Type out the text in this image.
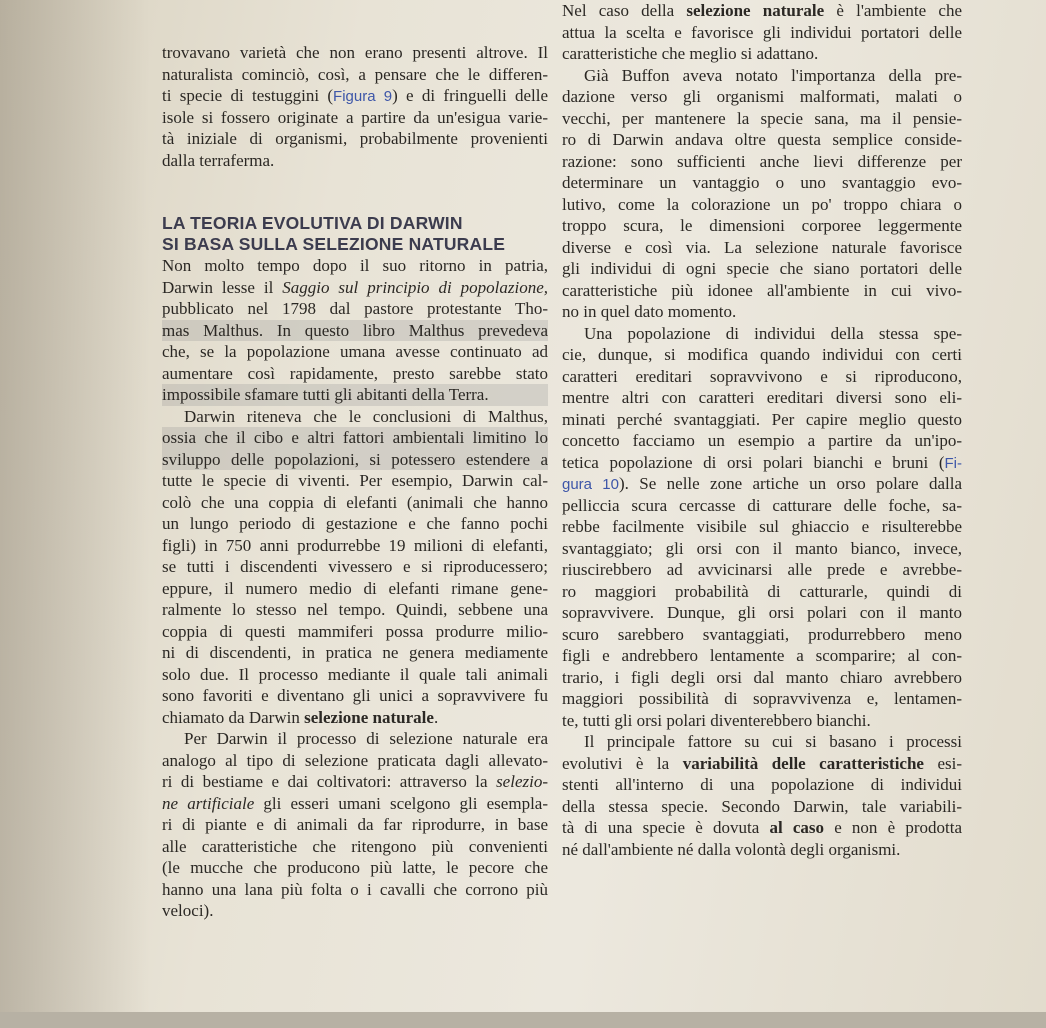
trovavano varietà che non erano presenti altrove. Il
naturalista cominciò, così, a pensare che le differen-
ti specie di testuggini (Figura 9) e di fringuelli delle
isole si fossero originate a partire da un'esigua varie-
tà iniziale di organismi, probabilmente provenienti
dalla terraferma.
LA TEORIA EVOLUTIVA DI DARWIN
SI BASA SULLA SELEZIONE NATURALE
Non molto tempo dopo il suo ritorno in patria,
Darwin lesse il Saggio sul principio di popolazione,
pubblicato nel 1798 dal pastore protestante Tho-
mas Malthus. In questo libro Malthus prevedeva
che, se la popolazione umana avesse continuato ad
aumentare così rapidamente, presto sarebbe stato
impossibile sfamare tutti gli abitanti della Terra.
Darwin riteneva che le conclusioni di Malthus,
ossia che il cibo e altri fattori ambientali limitino lo
sviluppo delle popolazioni, si potessero estendere a
tutte le specie di viventi. Per esempio, Darwin cal-
colò che una coppia di elefanti (animali che hanno
un lungo periodo di gestazione e che fanno pochi
figli) in 750 anni produrrebbe 19 milioni di elefanti,
se tutti i discendenti vivessero e si riproducessero;
eppure, il numero medio di elefanti rimane gene-
ralmente lo stesso nel tempo. Quindi, sebbene una
coppia di questi mammiferi possa produrre milio-
ni di discendenti, in pratica ne genera mediamente
solo due. Il processo mediante il quale tali animali
sono favoriti e diventano gli unici a sopravvivere fu
chiamato da Darwin selezione naturale.
Per Darwin il processo di selezione naturale era
analogo al tipo di selezione praticata dagli allevato-
ri di bestiame e dai coltivatori: attraverso la selezio-
ne artificiale gli esseri umani scelgono gli esempla-
ri di piante e di animali da far riprodurre, in base
alle caratteristiche che ritengono più convenienti
(le mucche che producono più latte, le pecore che
hanno una lana più folta o i cavalli che corrono più
veloci).
Nel caso della selezione naturale è l'ambiente che
attua la scelta e favorisce gli individui portatori delle
caratteristiche che meglio si adattano.
Già Buffon aveva notato l'importanza della pre-
dazione verso gli organismi malformati, malati o
vecchi, per mantenere la specie sana, ma il pensie-
ro di Darwin andava oltre questa semplice conside-
razione: sono sufficienti anche lievi differenze per
determinare un vantaggio o uno svantaggio evo-
lutivo, come la colorazione un po' troppo chiara o
troppo scura, le dimensioni corporee leggermente
diverse e così via. La selezione naturale favorisce
gli individui di ogni specie che siano portatori delle
caratteristiche più idonee all'ambiente in cui vivo-
no in quel dato momento.
Una popolazione di individui della stessa spe-
cie, dunque, si modifica quando individui con certi
caratteri ereditari sopravvivono e si riproducono,
mentre altri con caratteri ereditari diversi sono eli-
minati perché svantaggiati. Per capire meglio questo
concetto facciamo un esempio a partire da un'ipo-
tetica popolazione di orsi polari bianchi e bruni (Fi-
gura 10). Se nelle zone artiche un orso polare dalla
pelliccia scura cercasse di catturare delle foche, sa-
rebbe facilmente visibile sul ghiaccio e risulterebbe
svantaggiato; gli orsi con il manto bianco, invece,
riuscirebbero ad avvicinarsi alle prede e avrebbe-
ro maggiori probabilità di catturarle, quindi di
sopravvivere. Dunque, gli orsi polari con il manto
scuro sarebbero svantaggiati, produrrebbero meno
figli e andrebbero lentamente a scomparire; al con-
trario, i figli degli orsi dal manto chiaro avrebbero
maggiori possibilità di sopravvivenza e, lentamen-
te, tutti gli orsi polari diventerebbero bianchi.
Il principale fattore su cui si basano i processi
evolutivi è la variabilità delle caratteristiche esi-
stenti all'interno di una popolazione di individui
della stessa specie. Secondo Darwin, tale variabili-
tà di una specie è dovuta al caso e non è prodotta
né dall'ambiente né dalla volontà degli organismi.
